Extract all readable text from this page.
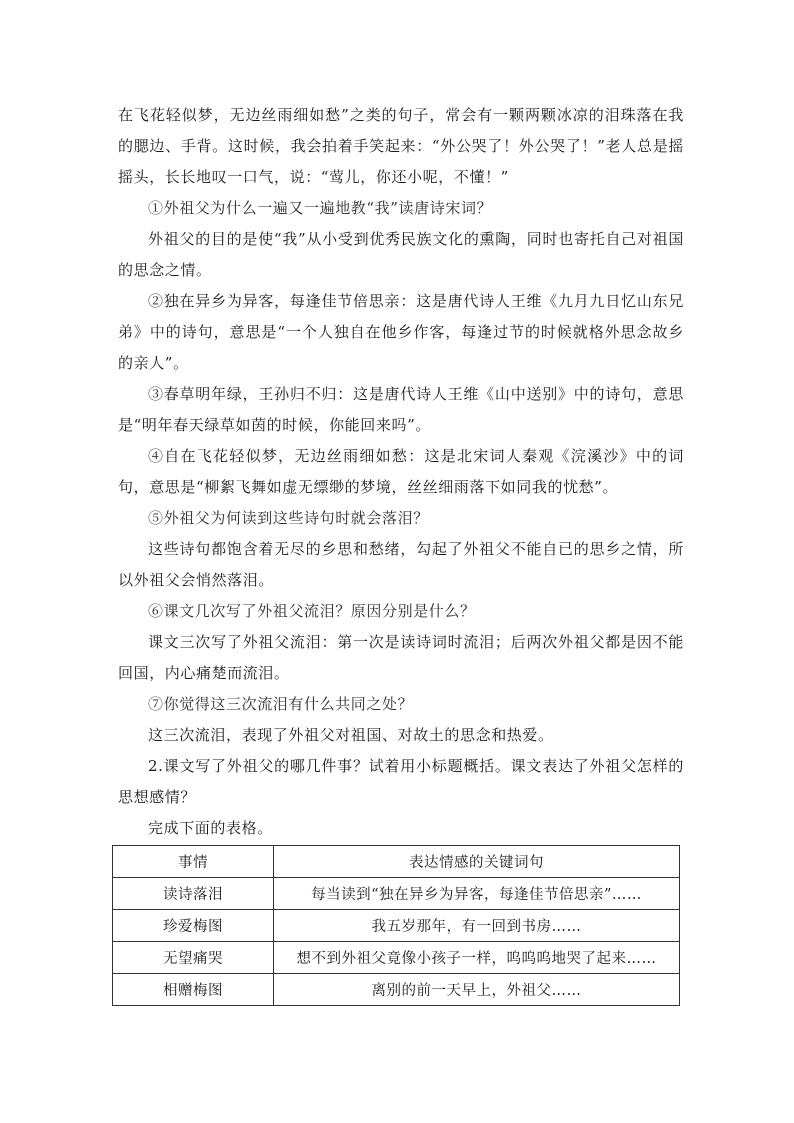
在飞花轻似梦，无边丝雨细如愁”之类的句子，常会有一颗两颗冰凉的泪珠落在我的腮边、手背。这时候，我会拍着手笑起来：“外公哭了！外公哭了！”老人总是摇摇头，长长地叹一口气，说：“莺儿，你还小呢，不懂！”

①外祖父为什么一遍又一遍地教“我”读唐诗宋词？

外祖父的目的是使“我”从小受到优秀民族文化的熏陶，同时也寄托自己对祖国的思念之情。

②独在异乡为异客，每逢佳节倍思亲：这是唐代诗人王维《九月九日忆山东兄弟》中的诗句，意思是“一个人独自在他乡作客，每逢过节的时候就格外思念故乡的亲人”。

③春草明年绿，王孙归不归：这是唐代诗人王维《山中送别》中的诗句，意思是“明年春天绿草如茵的时候，你能回来吗”。

④自在飞花轻似梦，无边丝雨细如愁：这是北宋词人秦观《浣溪沙》中的词句，意思是“柳絮飞舞如虚无缥缈的梦境，丝丝细雨落下如同我的忧愁”。

⑤外祖父为何读到这些诗句时就会落泪？

这些诗句都饱含着无尽的乡思和愁绪，勾起了外祖父不能自已的思乡之情，所以外祖父会悄然落泪。

⑥课文几次写了外祖父流泪？原因分别是什么？

课文三次写了外祖父流泪：第一次是读诗词时流泪；后两次外祖父都是因不能回国，内心痛楚而流泪。

⑦你觉得这三次流泪有什么共同之处？

这三次流泪，表现了外祖父对祖国、对故土的思念和热爱。

2.课文写了外祖父的哪几件事？试着用小标题概括。课文表达了外祖父怎样的思想感情？

完成下面的表格。

事情	表达情感的关键词句
读诗落泪	每当读到“独在异乡为异客，每逢佳节倍思亲”……
珍爱梅图	我五岁那年，有一回到书房……
无望痛哭	想不到外祖父竟像小孩子一样，呜呜呜地哭了起来……
相赠梅图	离别的前一天早上，外祖父……
